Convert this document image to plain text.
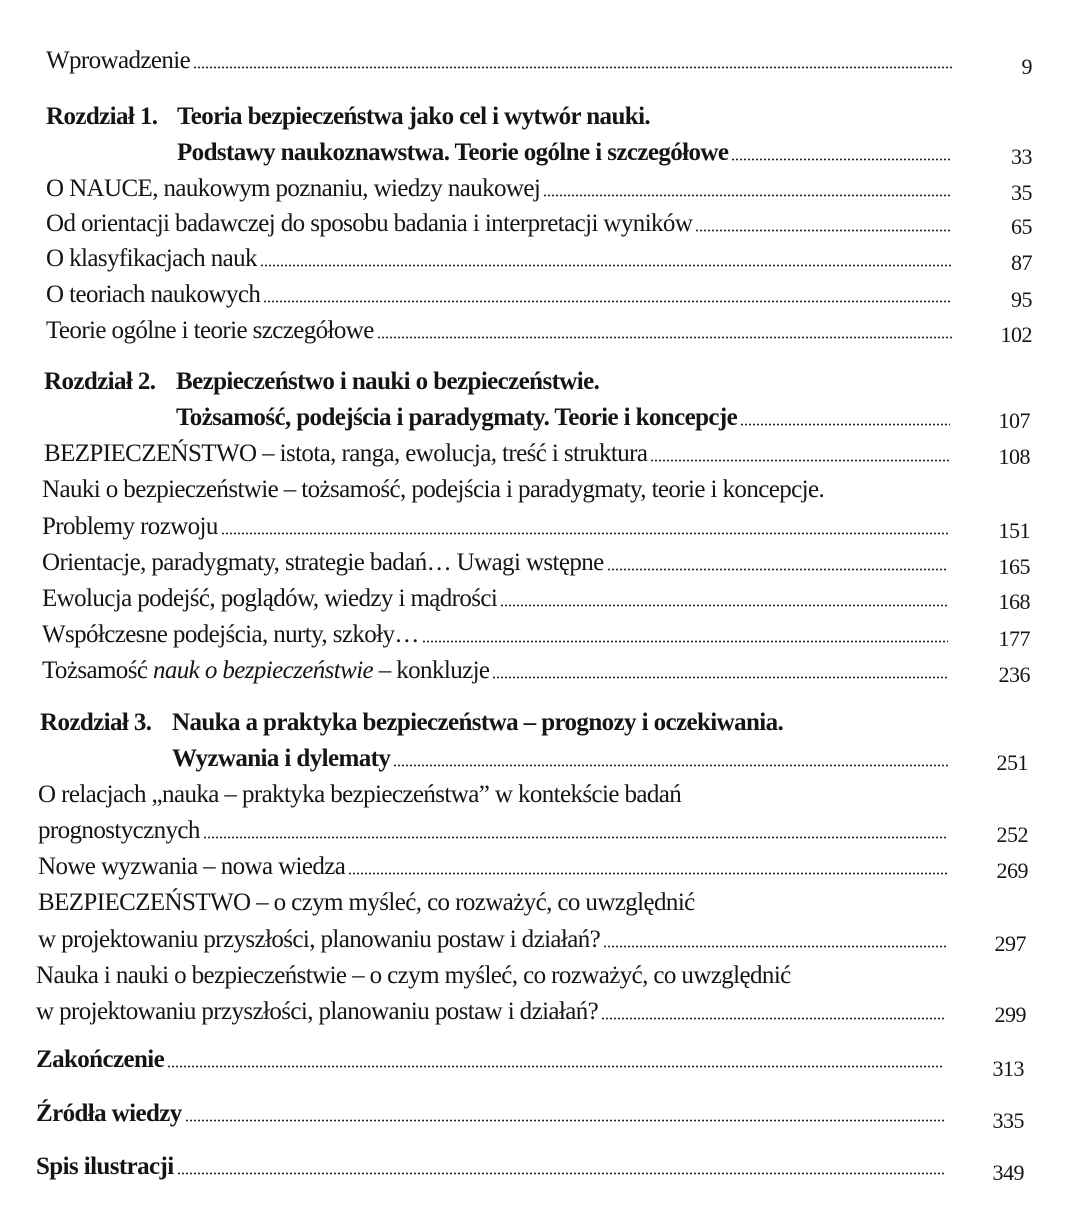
Wprowadzenie	9
Rozdział 1. Teoria bezpieczeństwa jako cel i wytwór nauki.
Podstawy naukoznawstwa. Teorie ogólne i szczegółowe	33
O NAUCE, naukowym poznaniu, wiedzy naukowej	35
Od orientacji badawczej do sposobu badania i interpretacji wyników	65
O klasyfikacjach nauk	87
O teoriach naukowych	95
Teorie ogólne i teorie szczegółowe	102
Rozdział 2. Bezpieczeństwo i nauki o bezpieczeństwie.
Tożsamość, podejścia i paradygmaty. Teorie i koncepcje	107
BEZPIECZEŃSTWO – istota, ranga, ewolucja, treść i struktura	108
Nauki o bezpieczeństwie – tożsamość, podejścia i paradygmaty, teorie i koncepcje.
Problemy rozwoju	151
Orientacje, paradygmaty, strategie badań… Uwagi wstępne	165
Ewolucja podejść, poglądów, wiedzy i mądrości	168
Współczesne podejścia, nurty, szkoły…	177
Tożsamość nauk o bezpieczeństwie – konkluzje	236
Rozdział 3. Nauka a praktyka bezpieczeństwa – prognozy i oczekiwania.
Wyzwania i dylematy	251
O relacjach „nauka – praktyka bezpieczeństwa” w kontekście badań
prognostycznych	252
Nowe wyzwania – nowa wiedza	269
BEZPIECZEŃSTWO – o czym myśleć, co rozważyć, co uwzględnić
w projektowaniu przyszłości, planowaniu postaw i działań?	297
Nauka i nauki o bezpieczeństwie – o czym myśleć, co rozważyć, co uwzględnić
w projektowaniu przyszłości, planowaniu postaw i działań?	299
Zakończenie	313
Źródła wiedzy	335
Spis ilustracji	349
